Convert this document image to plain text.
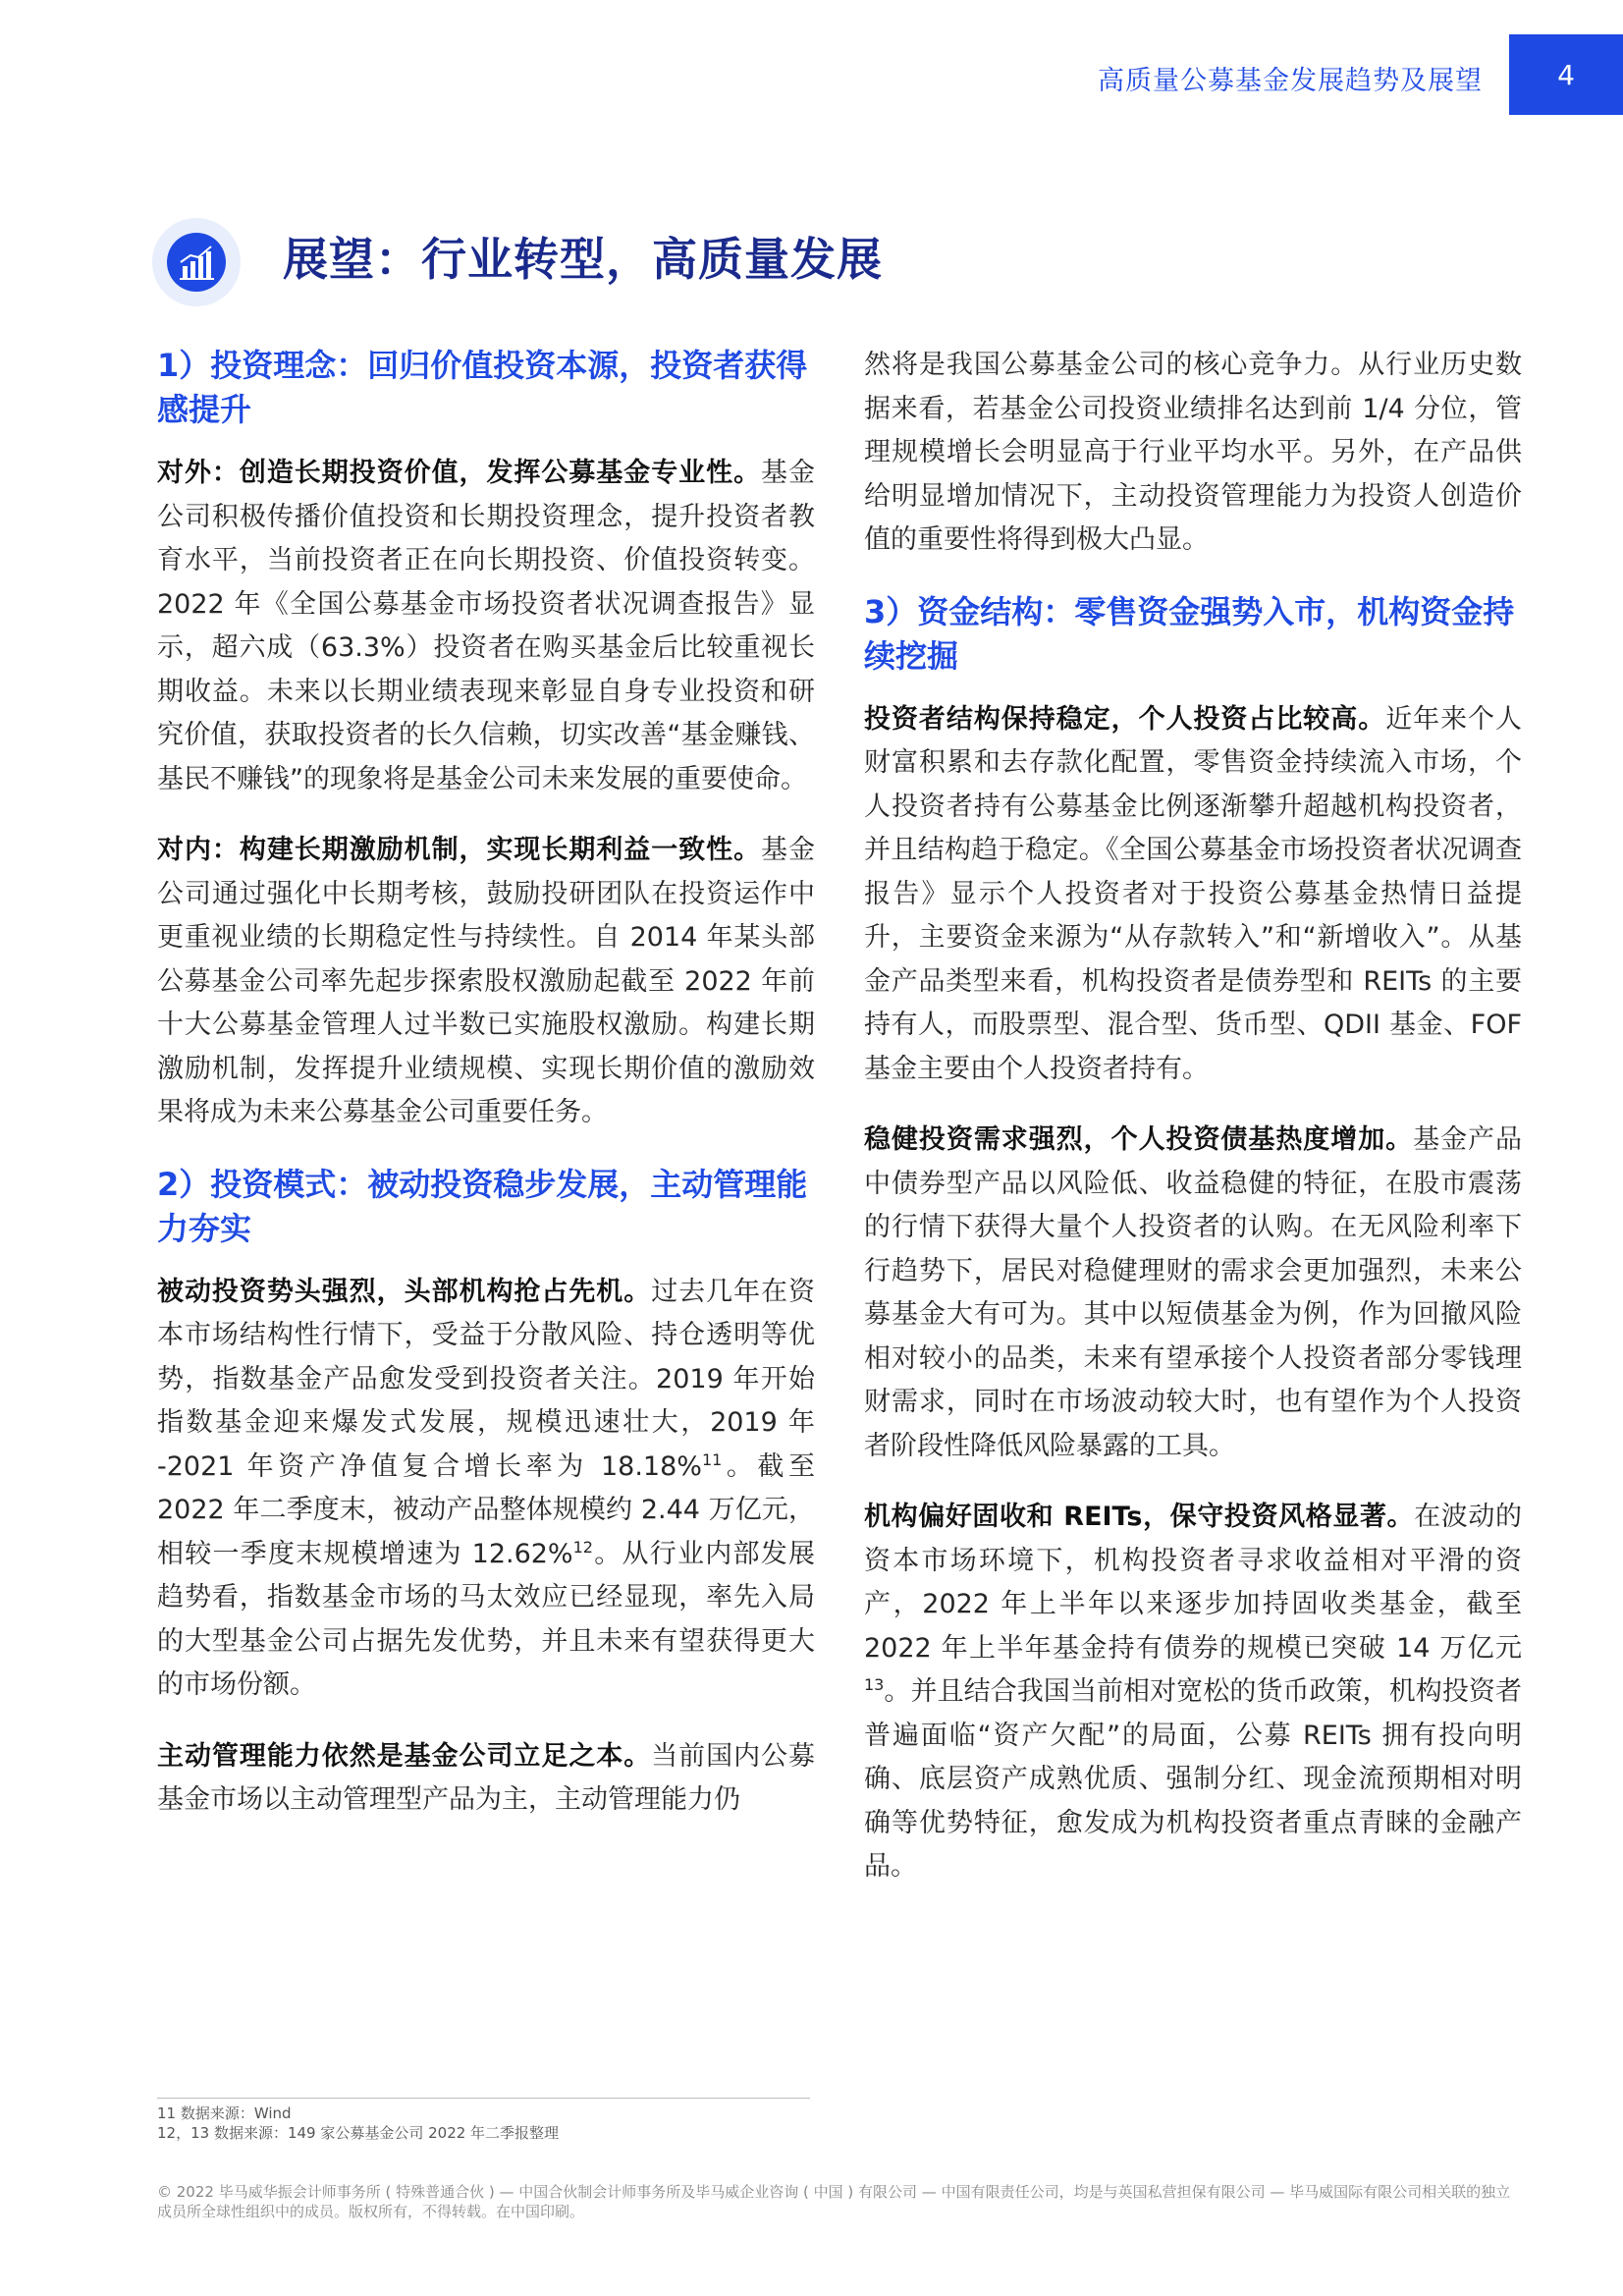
高质量公募基金发展趋势及展望	4
展望：行业转型，高质量发展
1）投资理念：回归价值投资本源，投资者获得感提升

对外：创造长期投资价值，发挥公募基金专业性。基金公司积极传播价值投资和长期投资理念，提升投资者教育水平，当前投资者正在向长期投资、价值投资转变。2022 年《全国公募基金市场投资者状况调查报告》显示，超六成（63.3%）投资者在购买基金后比较重视长期收益。未来以长期业绩表现来彰显自身专业投资和研究价值，获取投资者的长久信赖，切实改善“基金赚钱、基民不赚钱”的现象将是基金公司未来发展的重要使命。

对内：构建长期激励机制，实现长期利益一致性。基金公司通过强化中长期考核，鼓励投研团队在投资运作中更重视业绩的长期稳定性与持续性。自 2014 年某头部公募基金公司率先起步探索股权激励起截至 2022 年前十大公募基金管理人过半数已实施股权激励。构建长期激励机制，发挥提升业绩规模、实现长期价值的激励效果将成为未来公募基金公司重要任务。

2）投资模式：被动投资稳步发展，主动管理能力夯实

被动投资势头强烈，头部机构抢占先机。过去几年在资本市场结构性行情下，受益于分散风险、持仓透明等优势，指数基金产品愈发受到投资者关注。2019 年开始指数基金迎来爆发式发展，规模迅速壮大，2019 年 -2021 年资产净值复合增长率为 18.18%$^{11}$。截至 2022 年二季度末，被动产品整体规模约 2.44 万亿元，相较一季度末规模增速为 12.62%$^{12}$。从行业内部发展趋势看，指数基金市场的马太效应已经显现，率先入局的大型基金公司占据先发优势，并且未来有望获得更大的市场份额。

主动管理能力依然是基金公司立足之本。当前国内公募基金市场以主动管理型产品为主，主动管理能力仍

然将是我国公募基金公司的核心竞争力。从行业历史数据来看，若基金公司投资业绩排名达到前 1/4 分位，管理规模增长会明显高于行业平均水平。另外，在产品供给明显增加情况下，主动投资管理能力为投资人创造价值的重要性将得到极大凸显。

3）资金结构：零售资金强势入市，机构资金持续挖掘

投资者结构保持稳定，个人投资占比较高。近年来个人财富积累和去存款化配置，零售资金持续流入市场，个人投资者持有公募基金比例逐渐攀升超越机构投资者，并且结构趋于稳定。《全国公募基金市场投资者状况调查报告》显示个人投资者对于投资公募基金热情日益提升，主要资金来源为“从存款转入”和“新增收入”。从基金产品类型来看，机构投资者是债券型和 REITs 的主要持有人，而股票型、混合型、货币型、QDII 基金、FOF 基金主要由个人投资者持有。

稳健投资需求强烈，个人投资债基热度增加。基金产品中债券型产品以风险低、收益稳健的特征，在股市震荡的行情下获得大量个人投资者的认购。在无风险利率下行趋势下，居民对稳健理财的需求会更加强烈，未来公募基金大有可为。其中以短债基金为例，作为回撤风险相对较小的品类，未来有望承接个人投资者部分零钱理财需求，同时在市场波动较大时，也有望作为个人投资者阶段性降低风险暴露的工具。

机构偏好固收和 REITs，保守投资风格显著。在波动的资本市场环境下，机构投资者寻求收益相对平滑的资产，2022 年上半年以来逐步加持固收类基金，截至 2022 年上半年基金持有债券的规模已突破 14 万亿元 $^{13}$。并且结合我国当前相对宽松的货币政策，机构投资者普遍面临“资产欠配”的局面，公募 REITs 拥有投向明确、底层资产成熟优质、强制分红、现金流预期相对明确等优势特征，愈发成为机构投资者重点青睐的金融产品。

11 数据来源：Wind
12，13 数据来源：149 家公募基金公司 2022 年二季报整理
© 2022 毕马威华振会计师事务所 ( 特殊普通合伙 ) — 中国合伙制会计师事务所及毕马威企业咨询 ( 中国 ) 有限公司 — 中国有限责任公司，均是与英国私营担保有限公司 — 毕马威国际有限公司相关联的独立成员所全球性组织中的成员。版权所有，不得转载。在中国印刷。
